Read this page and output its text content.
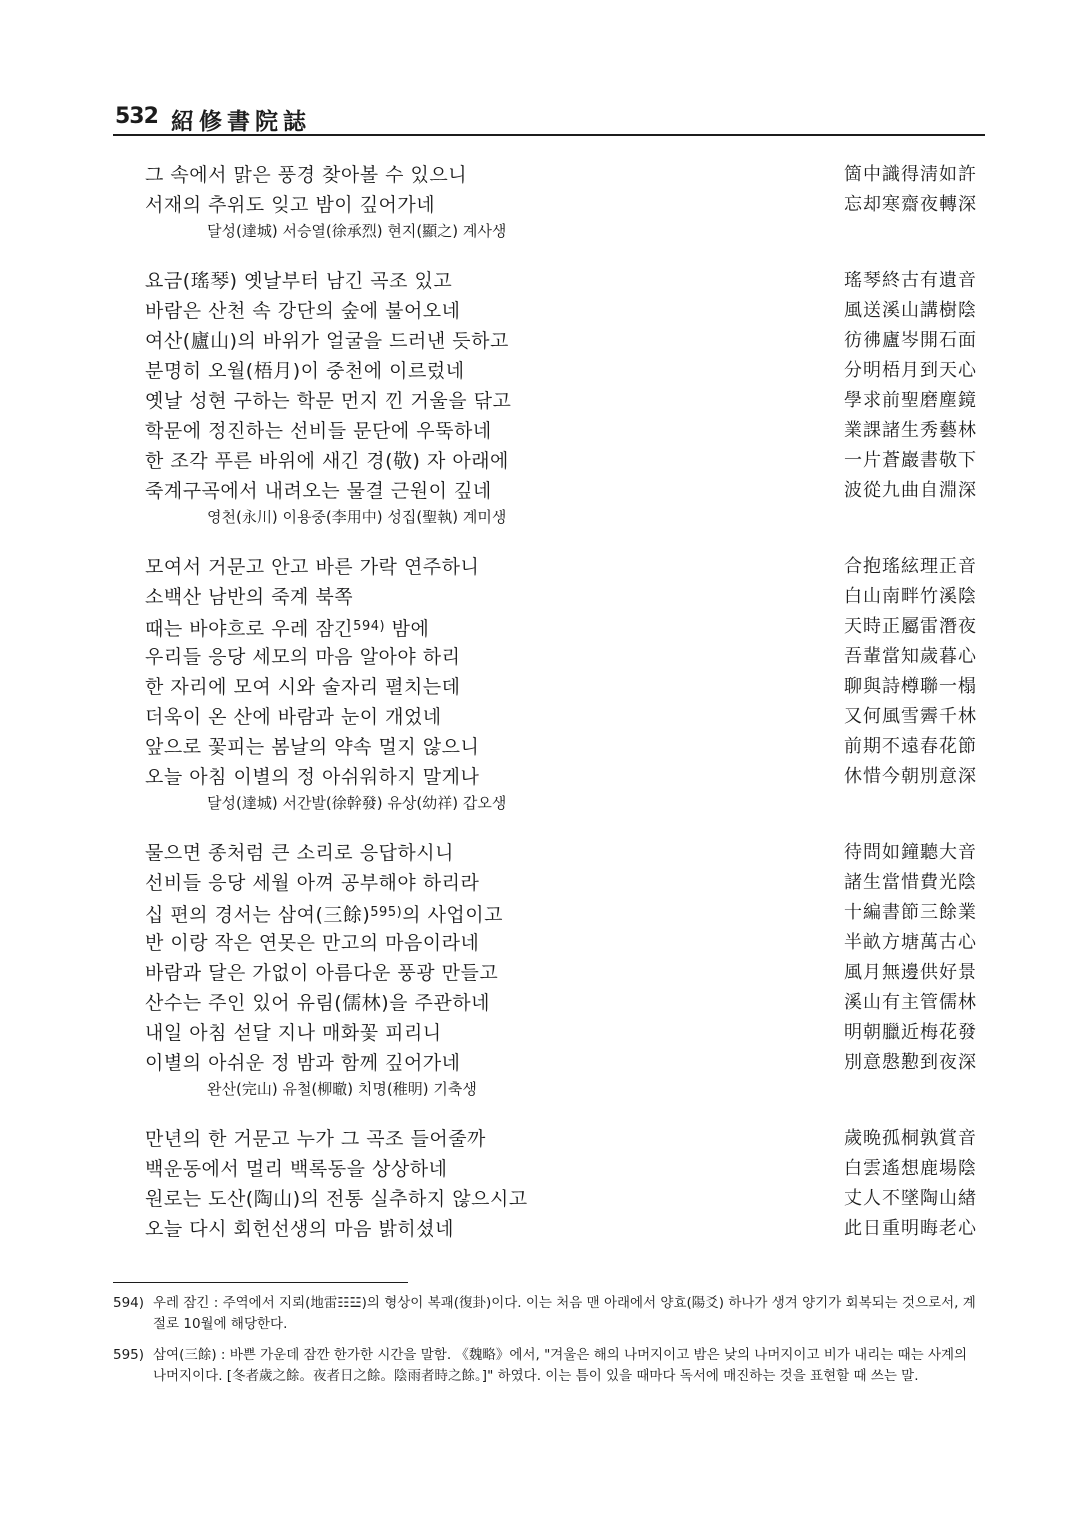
532 紹修書院誌
그 속에서 맑은 풍경 찾아볼 수 있으니	箇中識得淸如許
서재의 추위도 잊고 밤이 깊어가네	忘却寒齋夜轉深
달성(達城) 서승열(徐承烈) 현지(顯之) 계사생
요금(瑤琴) 옛날부터 남긴 곡조 있고	瑤琴終古有遺音
바람은 산천 속 강단의 숲에 불어오네	風送溪山講樹陰
여산(廬山)의 바위가 얼굴을 드러낸 듯하고	彷彿廬岑開石面
분명히 오월(梧月)이 중천에 이르렀네	分明梧月到天心
옛날 성현 구하는 학문 먼지 낀 거울을 닦고	學求前聖磨塵鏡
학문에 정진하는 선비들 문단에 우뚝하네	業課諸生秀藝林
한 조각 푸른 바위에 새긴 경(敬) 자 아래에	一片蒼巖書敬下
죽계구곡에서 내려오는 물결 근원이 깊네	波從九曲自淵深
영천(永川) 이용중(李用中) 성집(聖執) 계미생
모여서 거문고 안고 바른 가락 연주하니	合抱瑤絃理正音
소백산 남반의 죽계 북쪽	白山南畔竹溪陰
때는 바야흐로 우레 잠긴$^{594)}$ 밤에	天時正屬雷潛夜
우리들 응당 세모의 마음 알아야 하리	吾輩當知歲暮心
한 자리에 모여 시와 술자리 펼치는데	聊與詩樽聯一榻
더욱이 온 산에 바람과 눈이 개었네	又何風雪霽千林
앞으로 꽃피는 봄날의 약속 멀지 않으니	前期不遠春花節
오늘 아침 이별의 정 아쉬워하지 말게나	休惜今朝別意深
달성(達城) 서간발(徐幹發) 유상(幼祥) 갑오생
물으면 종처럼 큰 소리로 응답하시니	待問如鐘聽大音
선비들 응당 세월 아껴 공부해야 하리라	諸生當惜費光陰
십 편의 경서는 삼여(三餘)$^{595)}$의 사업이고	十編書節三餘業
반 이랑 작은 연못은 만고의 마음이라네	半畝方塘萬古心
바람과 달은 가없이 아름다운 풍광 만들고	風月無邊供好景
산수는 주인 있어 유림(儒林)을 주관하네	溪山有主管儒林
내일 아침 섣달 지나 매화꽃 피리니	明朝臘近梅花發
이별의 아쉬운 정 밤과 함께 깊어가네	別意慇懃到夜深
완산(完山) 유철(柳㬚) 치명(稚明) 기축생
만년의 한 거문고 누가 그 곡조 들어줄까	歲晩孤桐孰賞音
백운동에서 멀리 백록동을 상상하네	白雲遙想鹿場陰
원로는 도산(陶山)의 전통 실추하지 않으시고	丈人不墜陶山緖
오늘 다시 회헌선생의 마음 밝히셨네	此日重明晦老心
594) 우레 잠긴 : 주역에서 지뢰(地雷☷☳)의 형상이 복괘(復卦)이다. 이는 처음 맨 아래에서 양효(陽爻) 하나가 생겨 양기가 회복되는 것으로서, 계절로 10월에 해당한다.
595) 삼여(三餘) : 바쁜 가운데 잠깐 한가한 시간을 말함. 《魏略》에서, "겨울은 해의 나머지이고 밤은 낮의 나머지이고 비가 내리는 때는 사계의 나머지이다. [冬者歲之餘。夜者日之餘。陰雨者時之餘。]" 하였다. 이는 틈이 있을 때마다 독서에 매진하는 것을 표현할 때 쓰는 말.
